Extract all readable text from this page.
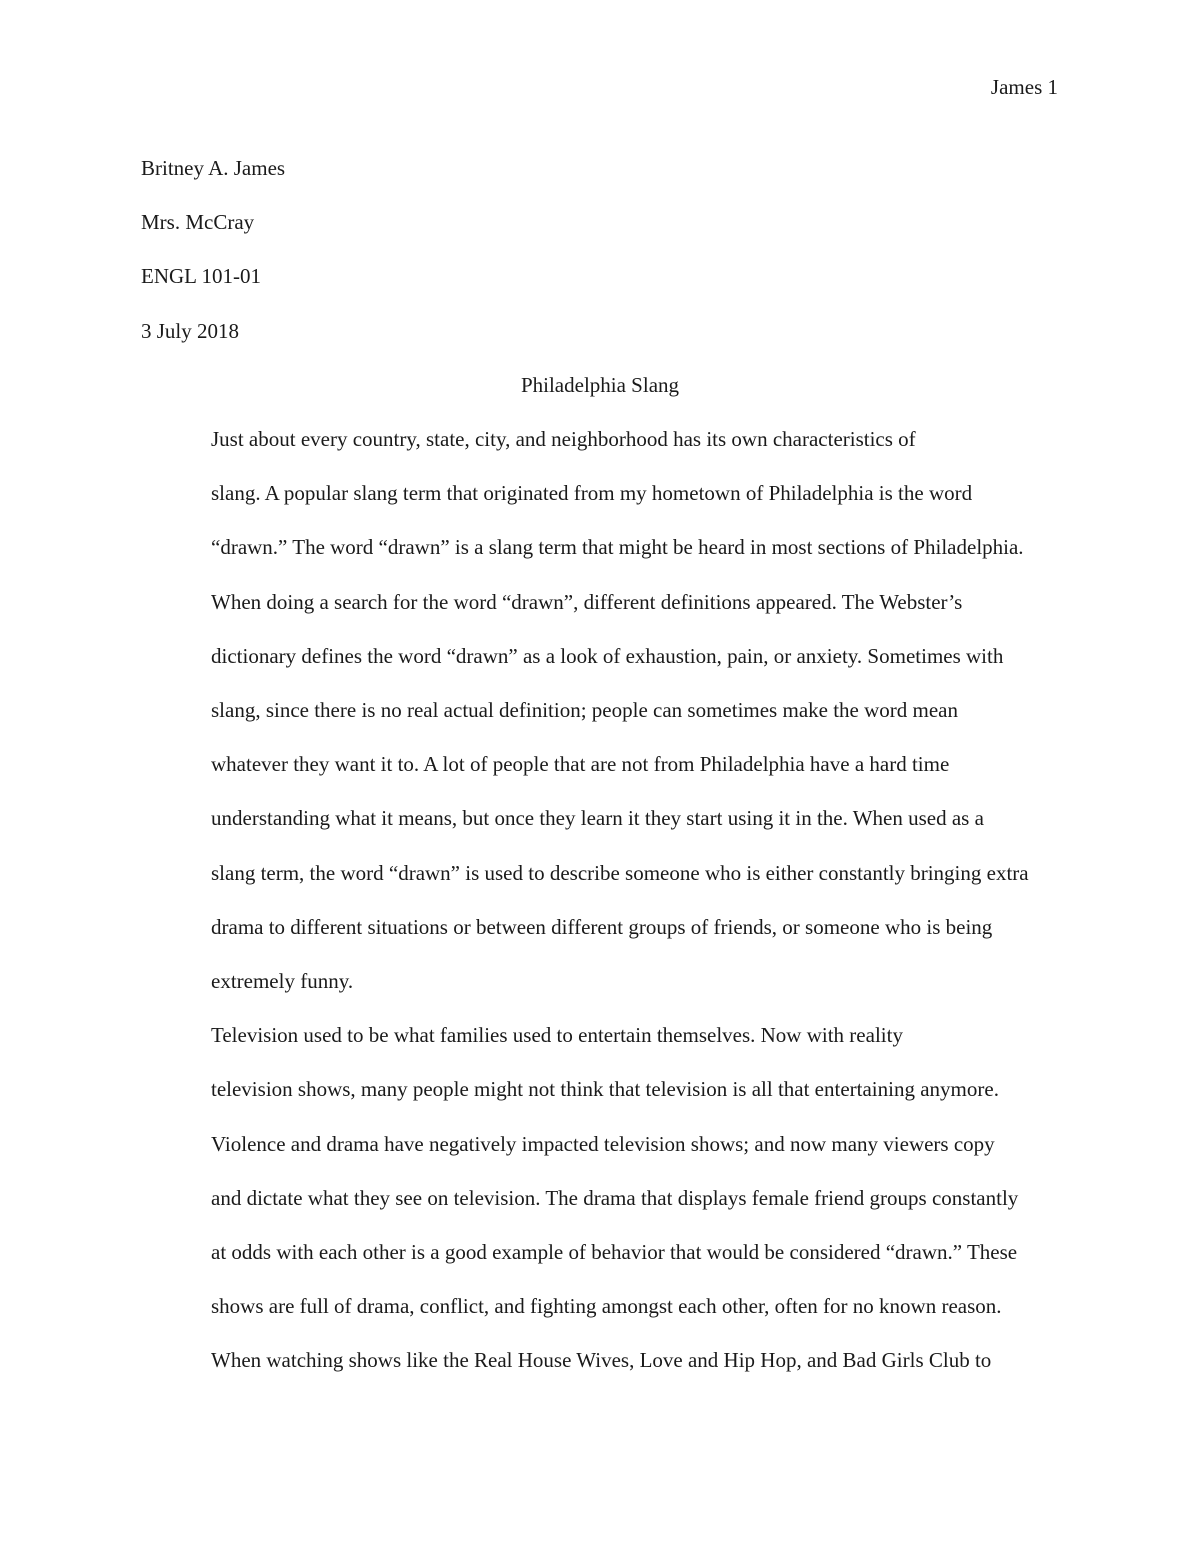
James 1

Britney A. James

Mrs. McCray

ENGL 101-01

3 July 2018

Philadelphia Slang

Just about every country, state, city, and neighborhood has its own characteristics of
slang. A popular slang term that originated from my hometown of Philadelphia is the word
“drawn.” The word “drawn” is a slang term that might be heard in most sections of Philadelphia.
When doing a search for the word “drawn”, different definitions appeared. The Webster’s
dictionary defines the word “drawn” as a look of exhaustion, pain, or anxiety. Sometimes with
slang, since there is no real actual definition; people can sometimes make the word mean
whatever they want it to. A lot of people that are not from Philadelphia have a hard time
understanding what it means, but once they learn it they start using it in the. When used as a
slang term, the word “drawn” is used to describe someone who is either constantly bringing extra
drama to different situations or between different groups of friends, or someone who is being
extremely funny.

Television used to be what families used to entertain themselves. Now with reality
television shows, many people might not think that television is all that entertaining anymore.
Violence and drama have negatively impacted television shows; and now many viewers copy
and dictate what they see on television. The drama that displays female friend groups constantly
at odds with each other is a good example of behavior that would be considered “drawn.” These
shows are full of drama, conflict, and fighting amongst each other, often for no known reason.
When watching shows like the Real House Wives, Love and Hip Hop, and Bad Girls Club to
